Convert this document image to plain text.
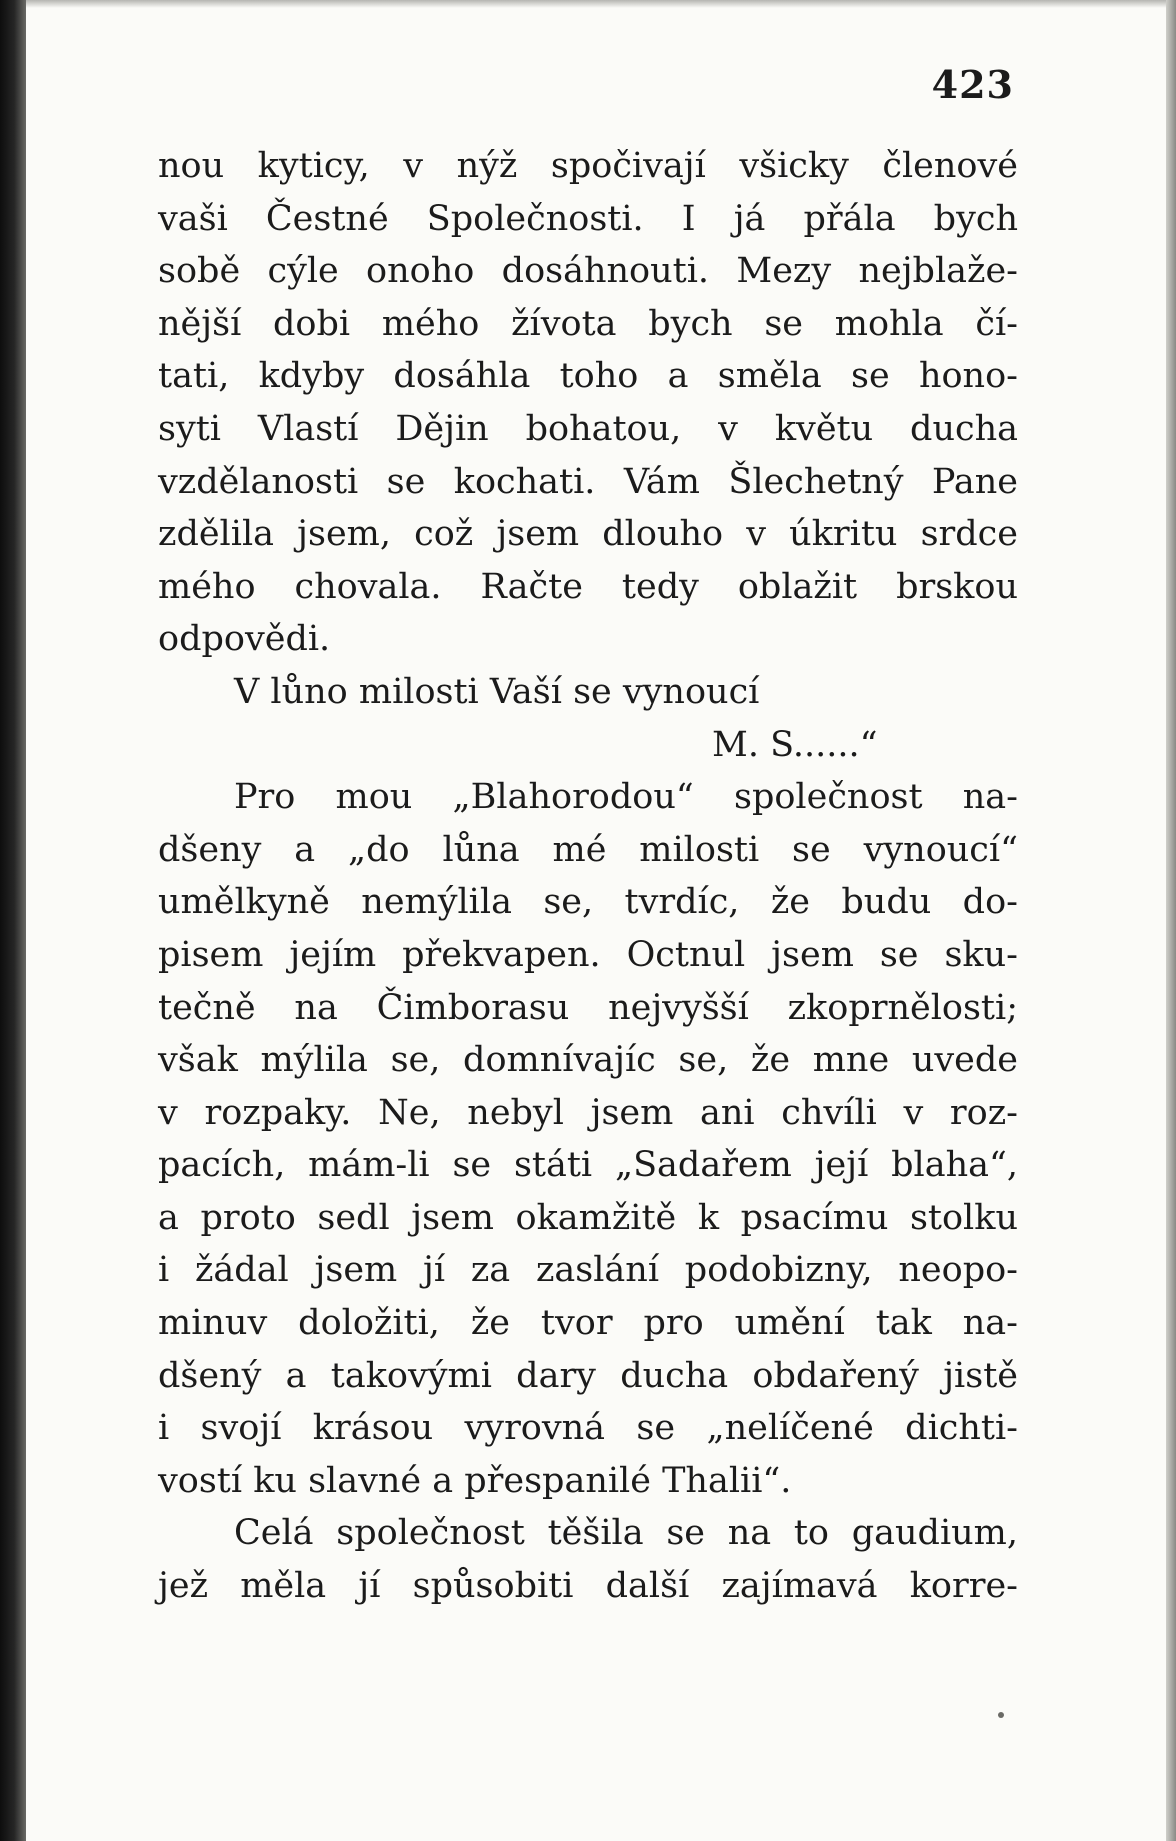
423
nou kyticy, v nýž spočivají všicky členové
vaši Čestné Společnosti. I já přála bych
sobě cýle onoho dosáhnouti. Mezy nejblaže-
nější dobi mého žívota bych se mohla čí-
tati, kdyby dosáhla toho a směla se hono-
syti Vlastí Dějin bohatou, v květu ducha
vzdělanosti se kochati. Vám Šlechetný Pane
zdělila jsem, což jsem dlouho v úkritu srdce
mého chovala. Račte tedy oblažit brskou
odpovědi.
V lůno milosti Vaší se vynoucí
M. S......“
Pro mou „Blahorodou“ společnost na-
dšeny a „do lůna mé milosti se vynoucí“
umělkyně nemýlila se, tvrdíc, že budu do-
pisem jejím překvapen. Octnul jsem se sku-
tečně na Čimborasu nejvyšší zkoprnělosti;
však mýlila se, domnívajíc se, že mne uvede
v rozpaky. Ne, nebyl jsem ani chvíli v roz-
pacích, mám-li se státi „Sadařem její blaha“,
a proto sedl jsem okamžitě k psacímu stolku
i žádal jsem jí za zaslání podobizny, neopo-
minuv doložiti, že tvor pro umění tak na-
dšený a takovými dary ducha obdařený jistě
i svojí krásou vyrovná se „nelíčené dichti-
vostí ku slavné a přespanilé Thalii“.
Celá společnost těšila se na to gaudium,
jež měla jí spůsobiti další zajímavá korre-
